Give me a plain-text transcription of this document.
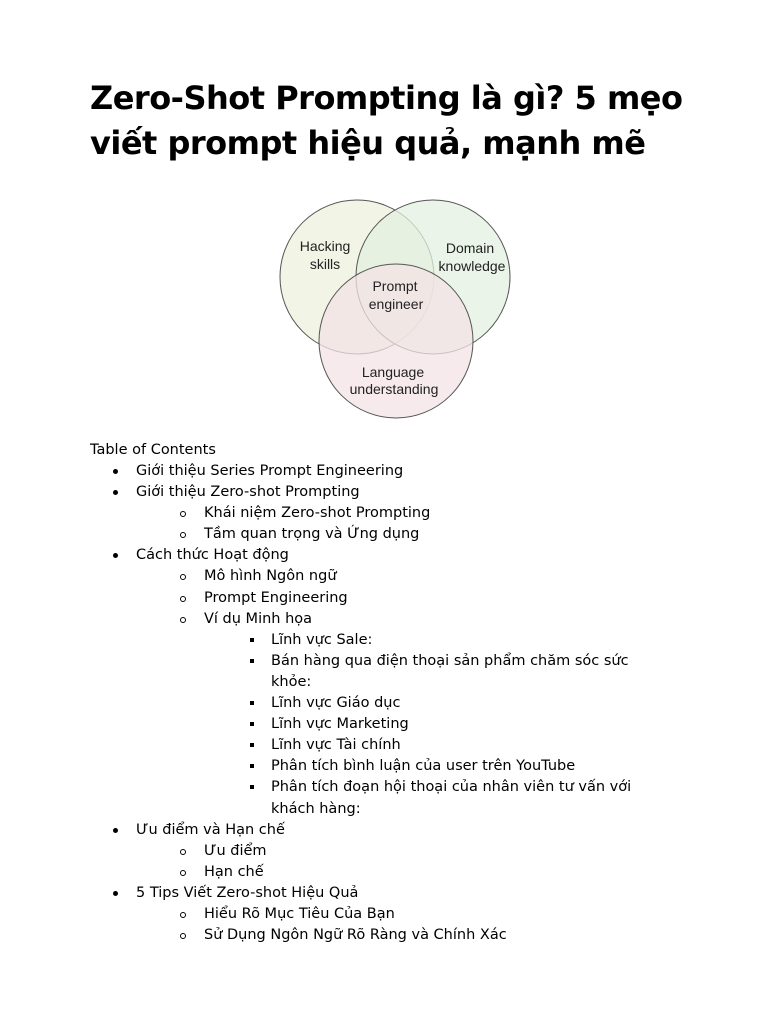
Zero-Shot Prompting là gì? 5 mẹo viết prompt hiệu quả, mạnh mẽ
Hacking
skills
Domain
knowledge
Prompt
engineer
Language
understanding
Table of Contents
Giới thiệu Series Prompt Engineering
Giới thiệu Zero-shot Prompting
Khái niệm Zero-shot Prompting
Tầm quan trọng và Ứng dụng
Cách thức Hoạt động
Mô hình Ngôn ngữ
Prompt Engineering
Ví dụ Minh họa
Lĩnh vực Sale:
Bán hàng qua điện thoại sản phẩm chăm sóc sức khỏe:
Lĩnh vực Giáo dục
Lĩnh vực Marketing
Lĩnh vực Tài chính
Phân tích bình luận của user trên YouTube
Phân tích đoạn hội thoại của nhân viên tư vấn với khách hàng:
Ưu điểm và Hạn chế
Ưu điểm
Hạn chế
5 Tips Viết Zero-shot Hiệu Quả
Hiểu Rõ Mục Tiêu Của Bạn
Sử Dụng Ngôn Ngữ Rõ Ràng và Chính Xác
